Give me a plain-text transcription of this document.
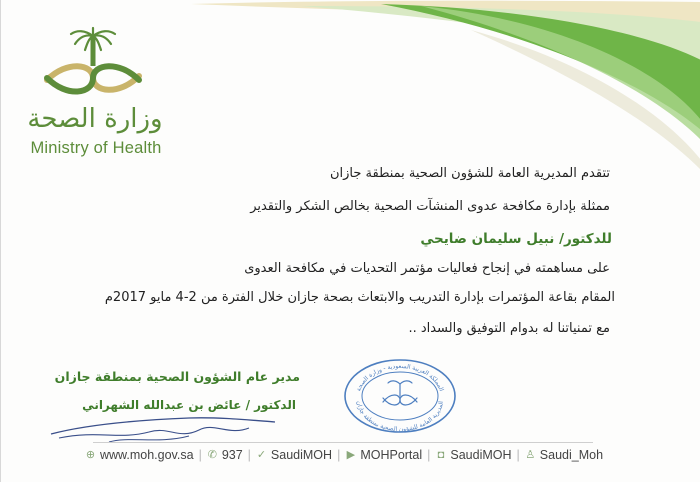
وزارة الصحة
Ministry of Health
تتقدم المديرية العامة للشؤون الصحية بمنطقة جازان
ممثلة بإدارة مكافحة عدوى المنشآت الصحية بخالص الشكر والتقدير
للدكتور/ نبيل سليمان ضايحي
على مساهمته في إنجاح فعاليات مؤتمر التحديات في مكافحة العدوى
المقام بقاعة المؤتمرات بإدارة التدريب والابتعاث بصحة جازان خلال الفترة من 2-4 مايو 2017م
مع تمنياتنا له بدوام التوفيق والسداد ..
مدير عام الشؤون الصحية بمنطقة جازان
الدكتور / عائض بن عبدالله الشهراني
المملكة العربية السعودية - وزارة الصحة
المديرية العامة للشؤون الصحية بمنطقة جازان
⊕ www.moh.gov.sa | ✆ 937 | ✓ SaudiMOH | ▶ MOHPortal | ◘ SaudiMOH | ♙ Saudi_Moh
